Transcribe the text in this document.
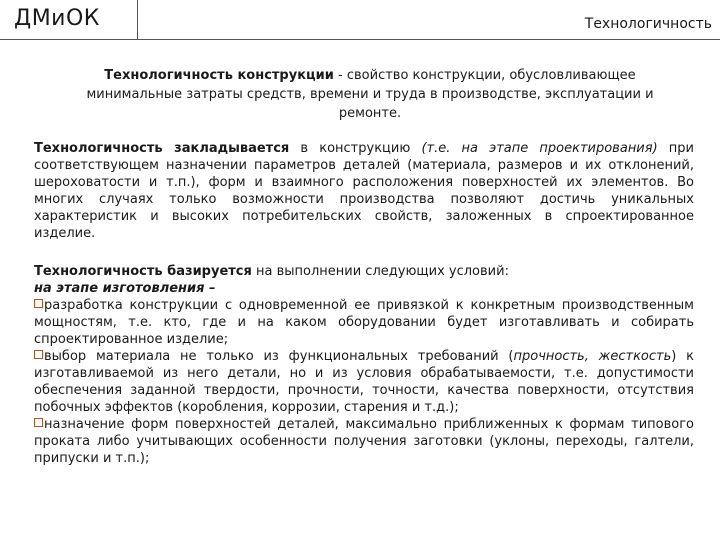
ДМиОК	Технологичность
Технологичность конструкции - свойство конструкции, обусловливающее минимальные затраты средств, времени и труда в производстве, эксплуатации и ремонте.

Технологичность закладывается в конструкцию (т.е. на этапе проектирования) при соответствующем назначении параметров деталей (материала, размеров и их отклонений, шероховатости и т.п.), форм и взаимного расположения поверхностей их элементов. Во многих случаях только возможности производства позволяют достичь уникальных характеристик и высоких потребительских свойств, заложенных в спроектированное изделие.

Технологичность базируется на выполнении следующих условий:

на этапе изготовления –

разработка конструкции с одновременной ее привязкой к конкретным производственным мощностям, т.е. кто, где и на каком оборудовании будет изготавливать и собирать спроектированное изделие;

выбор материала не только из функциональных требований (прочность, жесткость) к изготавливаемой из него детали, но и из условия обрабатываемости, т.е. допустимости обеспечения заданной твердости, прочности, точности, качества поверхности, отсутствия побочных эффектов (коробления, коррозии, старения и т.д.);

назначение форм поверхностей деталей, максимально приближенных к формам типового проката либо учитывающих особенности получения заготовки (уклоны, переходы, галтели, припуски и т.п.);
